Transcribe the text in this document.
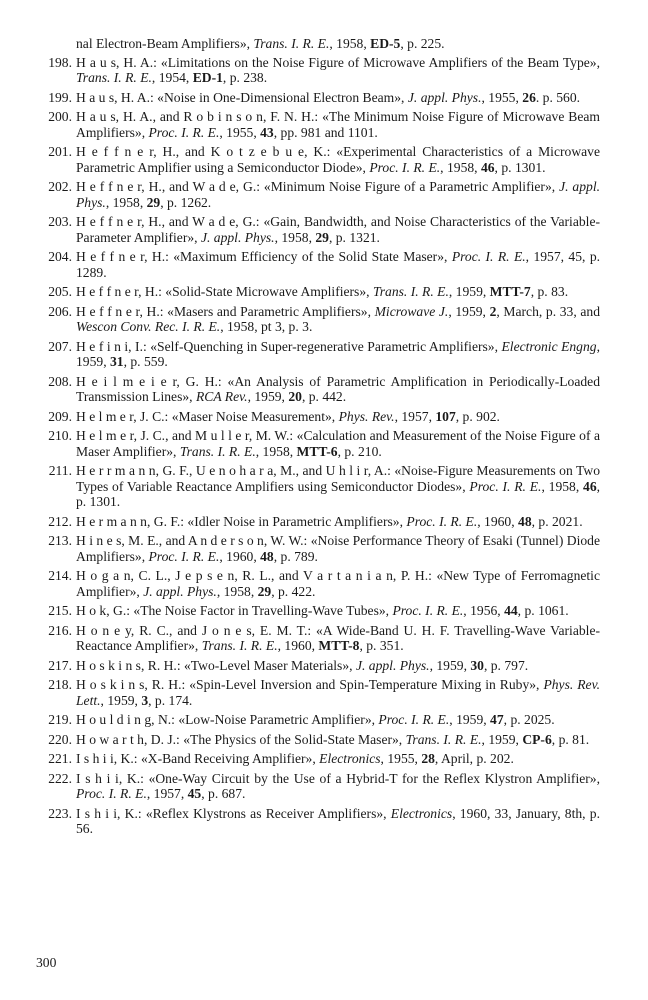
nal Electron-Beam Amplifiers», Trans. I. R. E., 1958, ED-5, p. 225.
198. H a u s, H. A.: «Limitations on the Noise Figure of Microwave Amplifiers of the Beam Type», Trans. I. R. E., 1954, ED-1, p. 238.
199. H a u s, H. A.: «Noise in One-Dimensional Electron Beam», J. appl. Phys., 1955, 26. p. 560.
200. H a u s, H. A., and R o b i n s o n, F. N. H.: «The Minimum Noise Figure of Microwave Beam Amplifiers», Proc. I. R. E., 1955, 43, pp. 981 and 1101.
201. H e f f n e r, H., and K o t z e b u e, K.: «Experimental Characteristics of a Microwave Parametric Amplifier using a Semiconductor Diode», Proc. I. R. E., 1958, 46, p. 1301.
202. H e f f n e r, H., and W a d e, G.: «Minimum Noise Figure of a Parametric Amplifier», J. appl. Phys., 1958, 29, p. 1262.
203. H e f f n e r, H., and W a d e, G.: «Gain, Bandwidth, and Noise Characteristics of the Variable-Parameter Amplifier», J. appl. Phys., 1958, 29, p. 1321.
204. H e f f n e r, H.: «Maximum Efficiency of the Solid State Maser», Proc. I. R. E., 1957, 45, p. 1289.
205. H e f f n e r, H.: «Solid-State Microwave Amplifiers», Trans. I. R. E., 1959, MTT-7, p. 83.
206. H e f f n e r, H.: «Masers and Parametric Amplifiers», Microwave J., 1959, 2, March, p. 33, and Wescon Conv. Rec. I. R. E., 1958, pt 3, p. 3.
207. H e f i n i, I.: «Self-Quenching in Super-regenerative Parametric Amplifiers», Electronic Engng, 1959, 31, p. 559.
208. H e i l m e i e r, G. H.: «An Analysis of Parametric Amplification in Periodically-Loaded Transmission Lines», RCA Rev., 1959, 20, p. 442.
209. H e l m e r, J. C.: «Maser Noise Measurement», Phys. Rev., 1957, 107, p. 902.
210. H e l m e r, J. C., and M u l l e r, M. W.: «Calculation and Measurement of the Noise Figure of a Maser Amplifier», Trans. I. R. E., 1958, MTT-6, p. 210.
211. H e r r m a n n, G. F., U e n o h a r a, M., and U h l i r, A.: «Noise-Figure Measurements on Two Types of Variable Reactance Amplifiers using Semiconductor Diodes», Proc. I. R. E., 1958, 46, p. 1301.
212. H e r m a n n, G. F.: «Idler Noise in Parametric Amplifiers», Proc. I. R. E., 1960, 48, p. 2021.
213. H i n e s, M. E., and A n d e r s o n, W. W.: «Noise Performance Theory of Esaki (Tunnel) Diode Amplifiers», Proc. I. R. E., 1960, 48, p. 789.
214. H o g a n, C. L., J e p s e n, R. L., and V a r t a n i a n, P. H.: «New Type of Ferromagnetic Amplifier», J. appl. Phys., 1958, 29, p. 422.
215. H o k, G.: «The Noise Factor in Travelling-Wave Tubes», Proc. I. R. E., 1956, 44, p. 1061.
216. H o n e y, R. C., and J o n e s, E. M. T.: «A Wide-Band U. H. F. Travelling-Wave Variable-Reactance Amplifier», Trans. I. R. E., 1960, MTT-8, p. 351.
217. H o s k i n s, R. H.: «Two-Level Maser Materials», J. appl. Phys., 1959, 30, p. 797.
218. H o s k i n s, R. H.: «Spin-Level Inversion and Spin-Temperature Mixing in Ruby», Phys. Rev. Lett., 1959, 3, p. 174.
219. H o u l d i n g, N.: «Low-Noise Parametric Amplifier», Proc. I. R. E., 1959, 47, p. 2025.
220. H o w a r t h, D. J.: «The Physics of the Solid-State Maser», Trans. I. R. E., 1959, CP-6, p. 81.
221. I s h i i, K.: «X-Band Receiving Amplifier», Electronics, 1955, 28, April, p. 202.
222. I s h i i, K.: «One-Way Circuit by the Use of a Hybrid-T for the Reflex Klystron Amplifier», Proc. I. R. E., 1957, 45, p. 687.
223. I s h i i, K.: «Reflex Klystrons as Receiver Amplifiers», Electronics, 1960, 33, January, 8th, p. 56.
300
